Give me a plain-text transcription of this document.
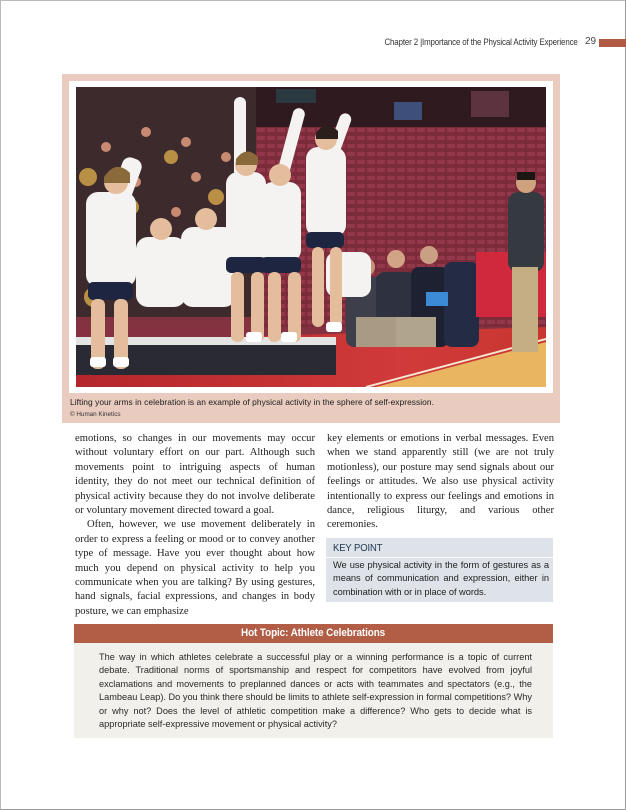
Chapter 2 |Importance of the Physical Activity Experience 29
Lifting your arms in celebration is an example of physical activity in the sphere of self-expression.
© Human Kinetics

emotions, so changes in our movements may occur without voluntary effort on our part. Although such movements point to intriguing aspects of human identity, they do not meet our technical definition of physical activity because they do not involve deliberate or voluntary movement directed toward a goal.

Often, however, we use movement deliberately in order to express a feeling or mood or to convey another type of message. Have you ever thought about how much you depend on physical activity to help you communicate when you are talking? By using gestures, hand signals, facial expressions, and changes in body posture, we can emphasize

key elements or emotions in verbal messages. Even when we stand apparently still (we are not truly motionless), our posture may send signals about our feelings or attitudes. We also use physical activity intentionally to express our feelings and emotions in dance, religious liturgy, and various other ceremonies.

KEY POINT
We use physical activity in the form of gestures as a means of communication and expression, either in combination with or in place of words.
Hot Topic: Athlete Celebrations
The way in which athletes celebrate a successful play or a winning performance is a topic of current debate. Traditional norms of sportsmanship and respect for competitors have evolved from joyful exclamations and movements to preplanned dances or acts with teammates and spectators (e.g., the Lambeau Leap). Do you think there should be limits to athlete self-expression in formal competitions? Why or why not? Does the level of athletic competition make a difference? Who gets to decide what is appropriate self-expressive movement or physical activity?
